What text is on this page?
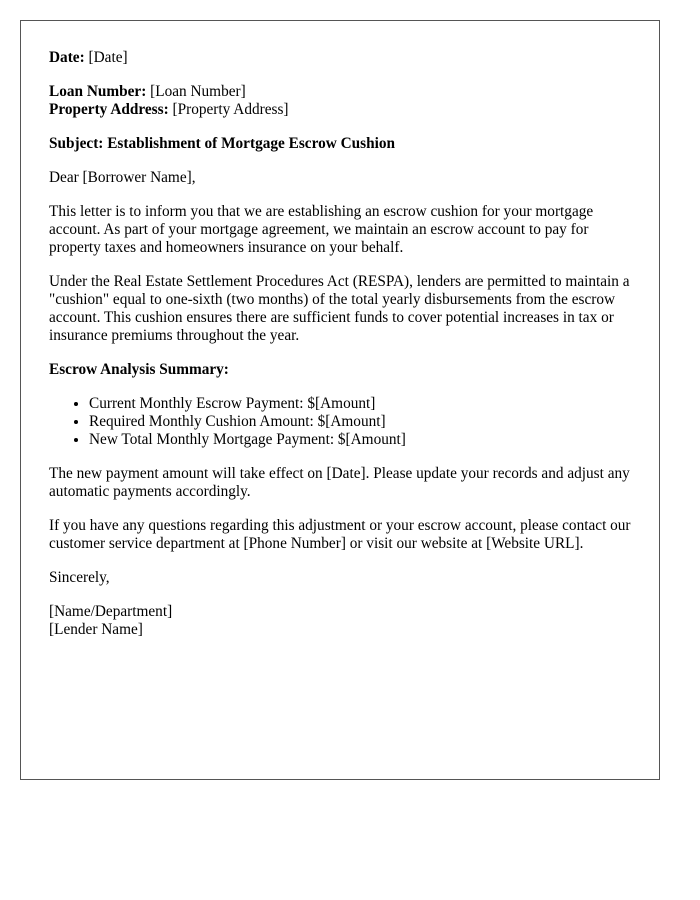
Date: [Date]

Loan Number: [Loan Number]
Property Address: [Property Address]

Subject: Establishment of Mortgage Escrow Cushion

Dear [Borrower Name],

This letter is to inform you that we are establishing an escrow cushion for your mortgage account. As part of your mortgage agreement, we maintain an escrow account to pay for property taxes and homeowners insurance on your behalf.

Under the Real Estate Settlement Procedures Act (RESPA), lenders are permitted to maintain a "cushion" equal to one-sixth (two months) of the total yearly disbursements from the escrow account. This cushion ensures there are sufficient funds to cover potential increases in tax or insurance premiums throughout the year.

Escrow Analysis Summary:

• Current Monthly Escrow Payment: $[Amount]
• Required Monthly Cushion Amount: $[Amount]
• New Total Monthly Mortgage Payment: $[Amount]

The new payment amount will take effect on [Date]. Please update your records and adjust any automatic payments accordingly.

If you have any questions regarding this adjustment or your escrow account, please contact our customer service department at [Phone Number] or visit our website at [Website URL].

Sincerely,

[Name/Department]
[Lender Name]
